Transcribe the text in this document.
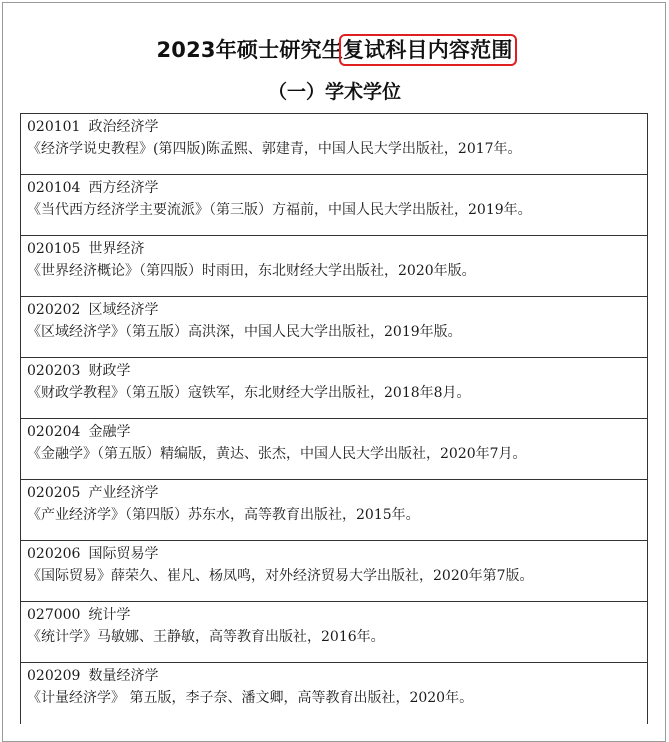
2023年硕士研究生复试科目内容范围
（一）学术学位
020101 政治经济学
《经济学说史教程》(第四版)陈孟熙、郭建青，中国人民大学出版社，2017年。
020104 西方经济学
《当代西方经济学主要流派》（第三版）方福前，中国人民大学出版社，2019年。
020105 世界经济
《世界经济概论》（第四版）时雨田，东北财经大学出版社，2020年版。
020202 区域经济学
《区域经济学》（第五版）高洪深，中国人民大学出版社，2019年版。
020203 财政学
《财政学教程》（第五版）寇铁军，东北财经大学出版社，2018年8月。
020204 金融学
《金融学》（第五版）精编版，黄达、张杰，中国人民大学出版社，2020年7月。
020205 产业经济学
《产业经济学》（第四版）苏东水，高等教育出版社，2015年。
020206 国际贸易学
《国际贸易》薛荣久、崔凡、杨凤鸣，对外经济贸易大学出版社，2020年第7版。
027000 统计学
《统计学》马敏娜、王静敏，高等教育出版社，2016年。
020209 数量经济学
《计量经济学》 第五版，李子奈、潘文卿，高等教育出版社，2020年。
